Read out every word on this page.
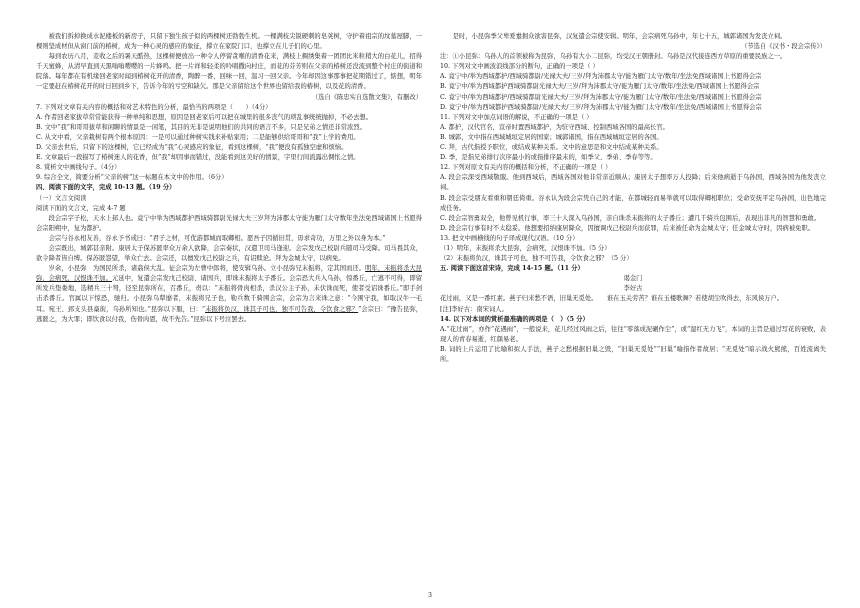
被我们拆掉换成水泥楼板的新房子，只留下独生孩子似的两棵树还勃勃生机。一棵满枝尖锐硬刺的皂荚树，守护着祖宗的坟墓屋脚，一棵则坚成材但从窗门前的椿树，成为一种心灵的感应的象征，撑立在家院门口，也撑立在儿子们的心里。

每到农历八月，麦收之后的暑天酷热，这棵树便放出一种令人停留贪喉的清香花来，满枝上稠绣集着一团团比米粒稍大的白花儿，招得千天蜜蜂，从清早直到天黑嗡嗡嘤嘤的一片蜂鸣。把一片祥和轻柔的吟唱撒向村庄，而花的芬芳则在父亲的椿树还没流到整个村庄的街道和院落。每年都在有机缘回老家时闻到椿树花开的清香，陶醉一番，回味一回，温习一回父亲。今年却因这事那事把花期错过了，惦想，明年一定要赶在椿树花开的时日回到乡下，告诉今年的亏空和缺欠。那是父亲留给这个世界也留给我的椿树，以及花的清香。

（选自《陈忠实自选散文集》，有删改）

7. 下列对文章有关内容的概括和对艺术特色的分析，最恰当的两项是（　　）（4分）

A. 作者回老家拔草常常能获得一种单纯和思想，原因是回老家后可以把在城里的很多丧气的琐乱事统统抛掉，不必去想。

B. 文中“我”和哥哥拔草和闲聊的情景是一闲笔，其目的无非是说明他们的共同的语言不多，只是兄弟之情还非常浓烈。

C. 从文中看，父亲栽树有两个根本原因：一是可以通过种树实钱来补贴家用；二是能够供给哥哥和“我”上学的费用。

D. 父亲去世后，只留下的这棵树，它已经成为“我”心灵感应的象征，看到这棵树，“我”便没有孤独空虚和烦恼。

E. 文章最后一段描写了椿树迷人的花香，但“我”却因事而错过，没能看到这美好的情景，字里行间流露出惆怅之情。

8. 赏析文中画线句子。（4分）

9. 综合全文，简要分析“父亲的树”这一标题在本文中的作用。（6分）

四、阅读下面的文字，完成 10-13 题。（19 分）

（一）文言文阅读

阅读下面的文言文，完成 4-7 题

段会宗字子松，天水上邽人也。竟宁中举为西域都护西域骑都尉光禄大夫三岁拜为沛郡太守徙为雁门太守数年坐法免西域诸国上书愿得会宗阳朔中，复为都护。

会宗与谷永相友善，谷永予书戒曰：“君子之材，可优游都城而取卿相。愿吾子因循旧贯，毋求奇功，万里之外以身为本。”

会宗既出，城郭甚亲附。康居太子保苏匿率众万余人欲降，会宗奏状，汉遣卫司马逢迎。会宗发戊己校尉兵随司马受降。司马畏其众，欲令降者皆自缚。保苏匿怨望，举众亡去。会宗还，以擅发戊己校尉之兵，有诏赎论。拜为金城太守，以病免。

岁余，小昆弥　为国民所杀，诸翕侯大乱。征会宗为左曹中郎将，使安辑乌孙。立小昆弥兄末振将，定其国而还。明年，末振将杀大昆弥，会病死，汉恨诛不加。元延中，复遣会宗发戊己校尉、诸国兵，即诛末振将太子番丘。会宗恐大兵入乌孙，惊番丘，亡逃不可得，即留所发兵垫娄地，选精兵三十弩，径至昆弥所在，召番丘，责以：“末振将骨肉相杀，杀汉公主子孙，未伏诛而死，使者受诏诛番丘。”即手剑击杀番丘。官属以下惊恐，驰归。小昆弥乌犁靡者，末振将兄子也，勒兵数千骑围会宗，会宗为言来诛之意：“今围守我，如取汉牛一毛耳。宛王、郅支头县槀街，乌孙所知也。”昆弥以下服，曰：“末振将负汉，诛其子可也，独不可告我，令饮食之邪？”会宗曰：“豫告昆弥，逃匿之，为大罪；即饮食以付我，伤骨肉恩，故不先告。”昆弥以下号泣罢去。

是时，小昆弥季父卑爰疐拥众欲害昆弥，汉复遣会宗使安辑。明年，会宗病死乌孙中，年七十五，城郭诸国为发丧立祠。

（节选自《汉书・段会宗传》）

注：①小昆弥：乌孙人的首领被称为昆弥，乌孙有大小二昆弥，均受汉王朝册封。乌孙是汉代接连西方草原的重要民族之一。

10. 下列对文中画波浪线部分的断句，正确的一项是（ ）

A. 竟宁中/举为西域都护/西域骑都尉/光禄大夫/三岁/拜为沛郡太守/徙为雁门太守/数年/坐法免西域诸国上书愿得会宗

B. 竟宁中/举为西域都护西域骑都尉光禄大夫/三岁/拜为沛郡太守/徙为雁门太守/数年/坐法免/西域诸国上书愿得会宗

C. 竟宁中/举为西域都护/西域骑都尉光禄大夫/三岁/拜为沛郡太守/徙为雁门太守/数年/坐法免/西域诸国上书愿得会宗

D. 竟宁中/举为西域都护西域骑都尉/光禄大夫/三岁/拜为沛郡太守/徙为雁门太守/数年/坐法免/西域诸国上书愿得会宗

11. 下列对文中加点词语的解说，不正确的一项是（ ）

A. 都护，汉代官名，宣帝时置西域都护，为驻守西域、控制西域各国的最高长官。

B. 城郭，文中指在西域城垣定居的国家；城郭诸国，指在西域城垣定居的各国。

C. 拜，古代指授予职位，或结成某种关系。文中的意思是和文中结成某种关系。

D. 季，是指兄弟排行次序最小的或指排序最末的，如季父、季弟、季春等等。

12. 下列对原文有关内容的概括和分析，不正确的一项是（ ）

A. 段会宗深受西域敬服。他到西域后，西域各国对他非常亲近顺从；康居太子想率万人投降；后来他病逝于乌孙国，西域各国为他发丧立祠。

B. 段会宗受朋友看重和朝廷倚重。谷永认为段会宗凭自己的才能，在都城轻而易举就可以取得卿相职位；受命安抚平定乌孙国，出色地完成任务。

C. 段会宗智勇双全，他曾见机行事，率三十人深入乌孙国，亲自诛杀末振将的太子番丘；遭几千骑兵包围后，表现出非凡的智慧和勇敢。

D. 段会宗行事有时不太稳妥。他想要招纳康居降众，因擅调戊己校尉兵而获罪，后来被任命为金城太守；任金城太守时，因病被免职。

13. 把文中画横线的句子译成现代汉语。（10 分）

（1）明年，末振将杀大昆弥，会病死，汉恨诛不加。（5 分）

（2）末振将负汉，诛其子可也，独不可告我，令饮食之邪？（5 分）

五. 阅读下面这首宋诗，完成 14-15 题。（11 分）

谒金门

李好古

花过雨，又是一番红素。燕子归来愁不语，旧巢无觅处。　　谁在玉关劳苦？谁在玉楼歌舞？若使胡尘吹得去，东风侯万户。

[注]李好古：南宋词人。

14. 以下对本词的赏析最准确的两项是（　）（5 分）

A.“花过雨”，亦作“花遇雨”，一般说来，花儿经过风雨之后，往往“零落成泥碾作尘”，或“湿红无力飞”，本词的主旨是通过写花的衰败，表现人的青春易逝，红颜易老。

B. 词的上片运用了比喻和拟人手法，燕子之愁根据旧巢之毁，“旧巢无觅处”“旧巢”喻指作者故居；“无觅处”暗示战火熊熊，百姓流离失所。

3
